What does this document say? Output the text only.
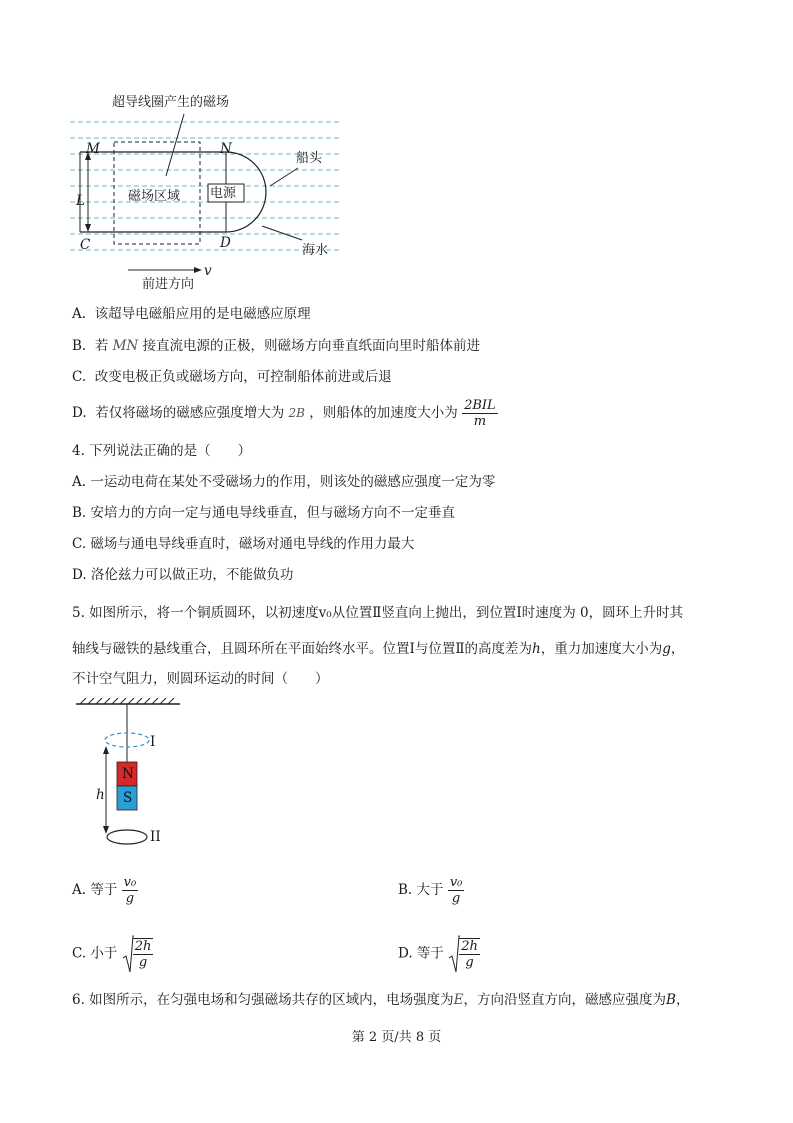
超导线圈产生的磁场
M	N
C	D
L	磁场区域 电源
船头
海水
前进方向
v
A. 该超导电磁船应用的是电磁感应原理
B. 若 MN 接直流电源的正极，则磁场方向垂直纸面向里时船体前进
C. 改变电极正负或磁场方向，可控制船体前进或后退
D. 若仅将磁场的磁感应强度增大为 2B ，则船体的加速度大小为 $\frac{\text{2BIL}}{m}$
4. 下列说法正确的是（　　）
A. 一运动电荷在某处不受磁场力的作用，则该处的磁感应强度一定为零
B. 安培力的方向一定与通电导线垂直，但与磁场方向不一定垂直
C. 磁场与通电导线垂直时，磁场对通电导线的作用力最大
D. 洛伦兹力可以做正功，不能做负功
5. 如图所示，将一个铜质圆环，以初速度v₀从位置Ⅱ竖直向上抛出，到位置Ⅰ时速度为 0，圆环上升时其
轴线与磁铁的悬线重合，且圆环所在平面始终水平。位置Ⅰ与位置Ⅱ的高度差为h，重力加速度大小为g，
不计空气阻力，则圆环运动的时间（　　）
I
II
N
S
h
A. 等于 $\frac{\text{v₀}}{g}$	B. 大于 $\frac{\text{v₀}}{g}$
C. 小于 $\frac{2h}{g}$	D. 等于 $\frac{2h}{g}$
6. 如图所示，在匀强电场和匀强磁场共存的区域内，电场强度为E，方向沿竖直方向，磁感应强度为B，
第 2 页/共 8 页
